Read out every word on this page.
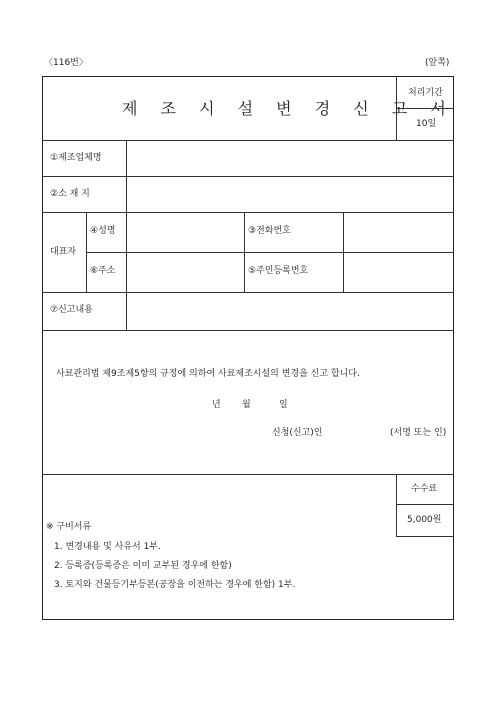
〈116번〉	(앞쪽)
제 조 시 설 변 경 신 고 서
처리기간
10일
①제조업체명
②소 재 지
대표자
④성명	③전화번호
⑥주소	⑤주민등록번호
⑦신고내용
사료관리법 제9조제5항의 규정에 의하여 사료제조시설의 변경을 신고 합니다.
년 월	일
신청(신고)인	(서명 또는 인)
수수료
5,000원
※ 구비서류
1. 변경내용 및 사유서 1부.
2. 등록증(등록증은 이미 교부된 경우에 한함)
3. 토지와 건물등기부등본(공장을 이전하는 경우에 한함) 1부.
